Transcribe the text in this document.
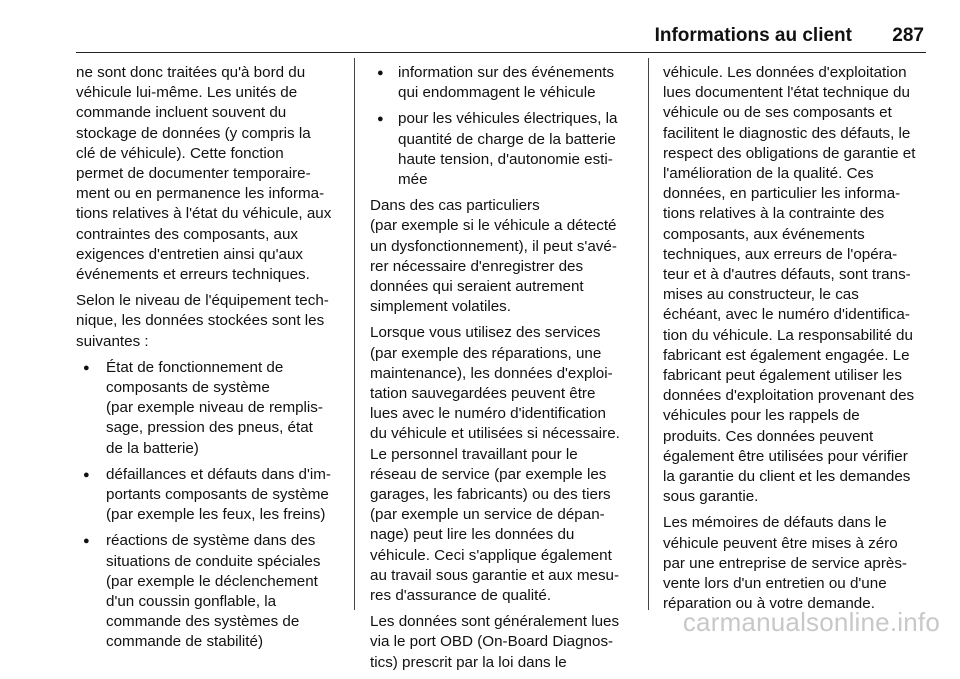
Informations au client 287

ne sont donc traitées qu'à bord du
véhicule lui-même. Les unités de
commande incluent souvent du
stockage de données (y compris la
clé de véhicule). Cette fonction
permet de documenter temporaire-
ment ou en permanence les informa-
tions relatives à l'état du véhicule, aux
contraintes des composants, aux
exigences d'entretien ainsi qu'aux
événements et erreurs techniques.

Selon le niveau de l'équipement tech-
nique, les données stockées sont les
suivantes :

● État de fonctionnement de
composants de système
(par exemple niveau de remplis-
sage, pression des pneus, état
de la batterie)
● défaillances et défauts dans d'im-
portants composants de système
(par exemple les feux, les freins)
● réactions de système dans des
situations de conduite spéciales
(par exemple le déclenchement
d'un coussin gonflable, la
commande des systèmes de
commande de stabilité)
● information sur des événements
qui endommagent le véhicule
● pour les véhicules électriques, la
quantité de charge de la batterie
haute tension, d'autonomie esti-
mée

Dans des cas particuliers
(par exemple si le véhicule a détecté
un dysfonctionnement), il peut s'avé-
rer nécessaire d'enregistrer des
données qui seraient autrement
simplement volatiles.

Lorsque vous utilisez des services
(par exemple des réparations, une
maintenance), les données d'exploi-
tation sauvegardées peuvent être
lues avec le numéro d'identification
du véhicule et utilisées si nécessaire.
Le personnel travaillant pour le
réseau de service (par exemple les
garages, les fabricants) ou des tiers
(par exemple un service de dépan-
nage) peut lire les données du
véhicule. Ceci s'applique également
au travail sous garantie et aux mesu-
res d'assurance de qualité.

Les données sont généralement lues
via le port OBD (On-Board Diagnos-
tics) prescrit par la loi dans le

véhicule. Les données d'exploitation
lues documentent l'état technique du
véhicule ou de ses composants et
facilitent le diagnostic des défauts, le
respect des obligations de garantie et
l'amélioration de la qualité. Ces
données, en particulier les informa-
tions relatives à la contrainte des
composants, aux événements
techniques, aux erreurs de l'opéra-
teur et à d'autres défauts, sont trans-
mises au constructeur, le cas
échéant, avec le numéro d'identifica-
tion du véhicule. La responsabilité du
fabricant est également engagée. Le
fabricant peut également utiliser les
données d'exploitation provenant des
véhicules pour les rappels de
produits. Ces données peuvent
également être utilisées pour vérifier
la garantie du client et les demandes
sous garantie.

Les mémoires de défauts dans le
véhicule peuvent être mises à zéro
par une entreprise de service après-
vente lors d'un entretien ou d'une
réparation ou à votre demande.

carmanualsonline.info
